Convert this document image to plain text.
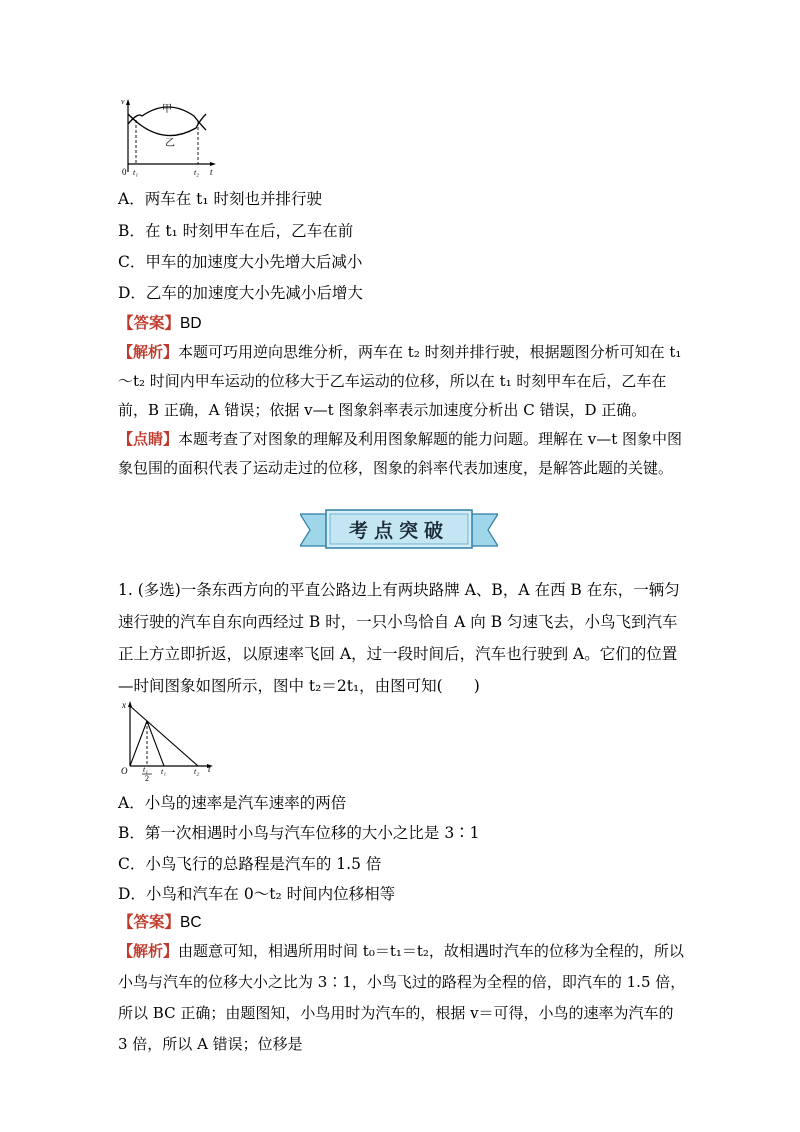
v
t
0 t₁	t₂
甲
乙
A．两车在 t₁ 时刻也并排行驶
B．在 t₁ 时刻甲车在后，乙车在前
C．甲车的加速度大小先增大后减小
D．乙车的加速度大小先减小后增大
【答案】BD
【解析】本题可巧用逆向思维分析，两车在 t₂ 时刻并排行驶，根据题图分析可知在 t₁～t₂ 时间内甲车运动的位移大于乙车运动的位移，所以在 t₁ 时刻甲车在后，乙车在前，B 正确，A 错误；依据 v—t 图象斜率表示加速度分析出 C 错误，D 正确。
【点睛】本题考查了对图象的理解及利用图象解题的能力问题。理解在 v—t 图象中图象包围的面积代表了运动走过的位移，图象的斜率代表加速度，是解答此题的关键。
考点突破
1. (多选)一条东西方向的平直公路边上有两块路牌 A、B，A 在西 B 在东，一辆匀速行驶的汽车自东向西经过 B 时，一只小鸟恰自 A 向 B 匀速飞去，小鸟飞到汽车正上方立即折返，以原速率飞回 A，过一段时间后，汽车也行驶到 A。它们的位置—时间图象如图所示，图中 t₂＝2t₁，由图可知(　　)
x
t
O t₁
2
t₁	t₂
A．小鸟的速率是汽车速率的两倍
B．第一次相遇时小鸟与汽车位移的大小之比是 3∶1
C．小鸟飞行的总路程是汽车的 1.5 倍
D．小鸟和汽车在 0～t₂ 时间内位移相等
【答案】BC
【解析】由题意可知，相遇所用时间 t₀＝t₁＝t₂，故相遇时汽车的位移为全程的，所以小鸟与汽车的位移大小之比为 3∶1，小鸟飞过的路程为全程的倍，即汽车的 1.5 倍，所以 BC 正确；由题图知，小鸟用时为汽车的，根据 v＝可得，小鸟的速率为汽车的 3 倍，所以 A 错误；位移是
